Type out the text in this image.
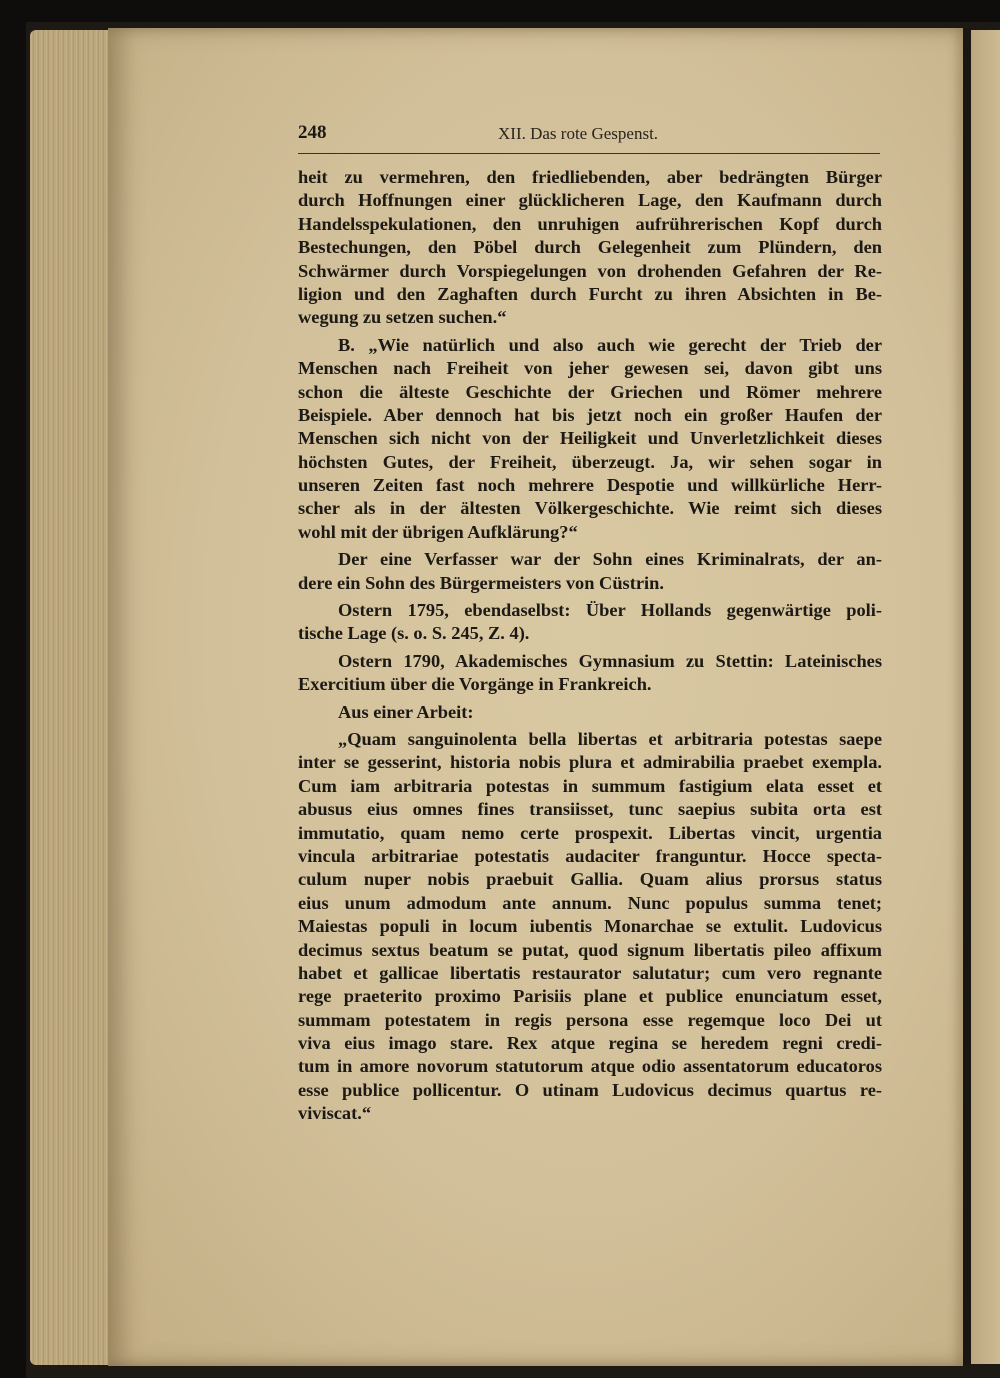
248	XII. Das rote Gespenst.
heit zu vermehren, den friedliebenden, aber bedrängten Bürger
durch Hoffnungen einer glücklicheren Lage, den Kaufmann durch
Handelsspekulationen, den unruhigen aufrührerischen Kopf durch
Bestechungen, den Pöbel durch Gelegenheit zum Plündern, den
Schwärmer durch Vorspiegelungen von drohenden Gefahren der Re-
ligion und den Zaghaften durch Furcht zu ihren Absichten in Be-
wegung zu setzen suchen.“
B. „Wie natürlich und also auch wie gerecht der Trieb der
Menschen nach Freiheit von jeher gewesen sei, davon gibt uns
schon die älteste Geschichte der Griechen und Römer mehrere
Beispiele. Aber dennoch hat bis jetzt noch ein großer Haufen der
Menschen sich nicht von der Heiligkeit und Unverletzlichkeit dieses
höchsten Gutes, der Freiheit, überzeugt. Ja, wir sehen sogar in
unseren Zeiten fast noch mehrere Despotie und willkürliche Herr-
scher als in der ältesten Völkergeschichte. Wie reimt sich dieses
wohl mit der übrigen Aufklärung?“
Der eine Verfasser war der Sohn eines Kriminalrats, der an-
dere ein Sohn des Bürgermeisters von Cüstrin.
Ostern 1795, ebendaselbst: Über Hollands gegenwärtige poli-
tische Lage (s. o. S. 245, Z. 4).
Ostern 1790, Akademisches Gymnasium zu Stettin: Lateinisches
Exercitium über die Vorgänge in Frankreich.
Aus einer Arbeit:
„Quam sanguinolenta bella libertas et arbitraria potestas saepe
inter se gesserint, historia nobis plura et admirabilia praebet exempla.
Cum iam arbitraria potestas in summum fastigium elata esset et
abusus eius omnes fines transiisset, tunc saepius subita orta est
immutatio, quam nemo certe prospexit. Libertas vincit, urgentia
vincula arbitrariae potestatis audaciter franguntur. Hocce specta-
culum nuper nobis praebuit Gallia. Quam alius prorsus status
eius unum admodum ante annum. Nunc populus summa tenet;
Maiestas populi in locum iubentis Monarchae se extulit. Ludovicus
decimus sextus beatum se putat, quod signum libertatis pileo affixum
habet et gallicae libertatis restaurator salutatur; cum vero regnante
rege praeterito proximo Parisiis plane et publice enunciatum esset,
summam potestatem in regis persona esse regemque loco Dei ut
viva eius imago stare. Rex atque regina se heredem regni credi-
tum in amore novorum statutorum atque odio assentatorum educatoros
esse publice pollicentur. O utinam Ludovicus decimus quartus re-
viviscat.“
